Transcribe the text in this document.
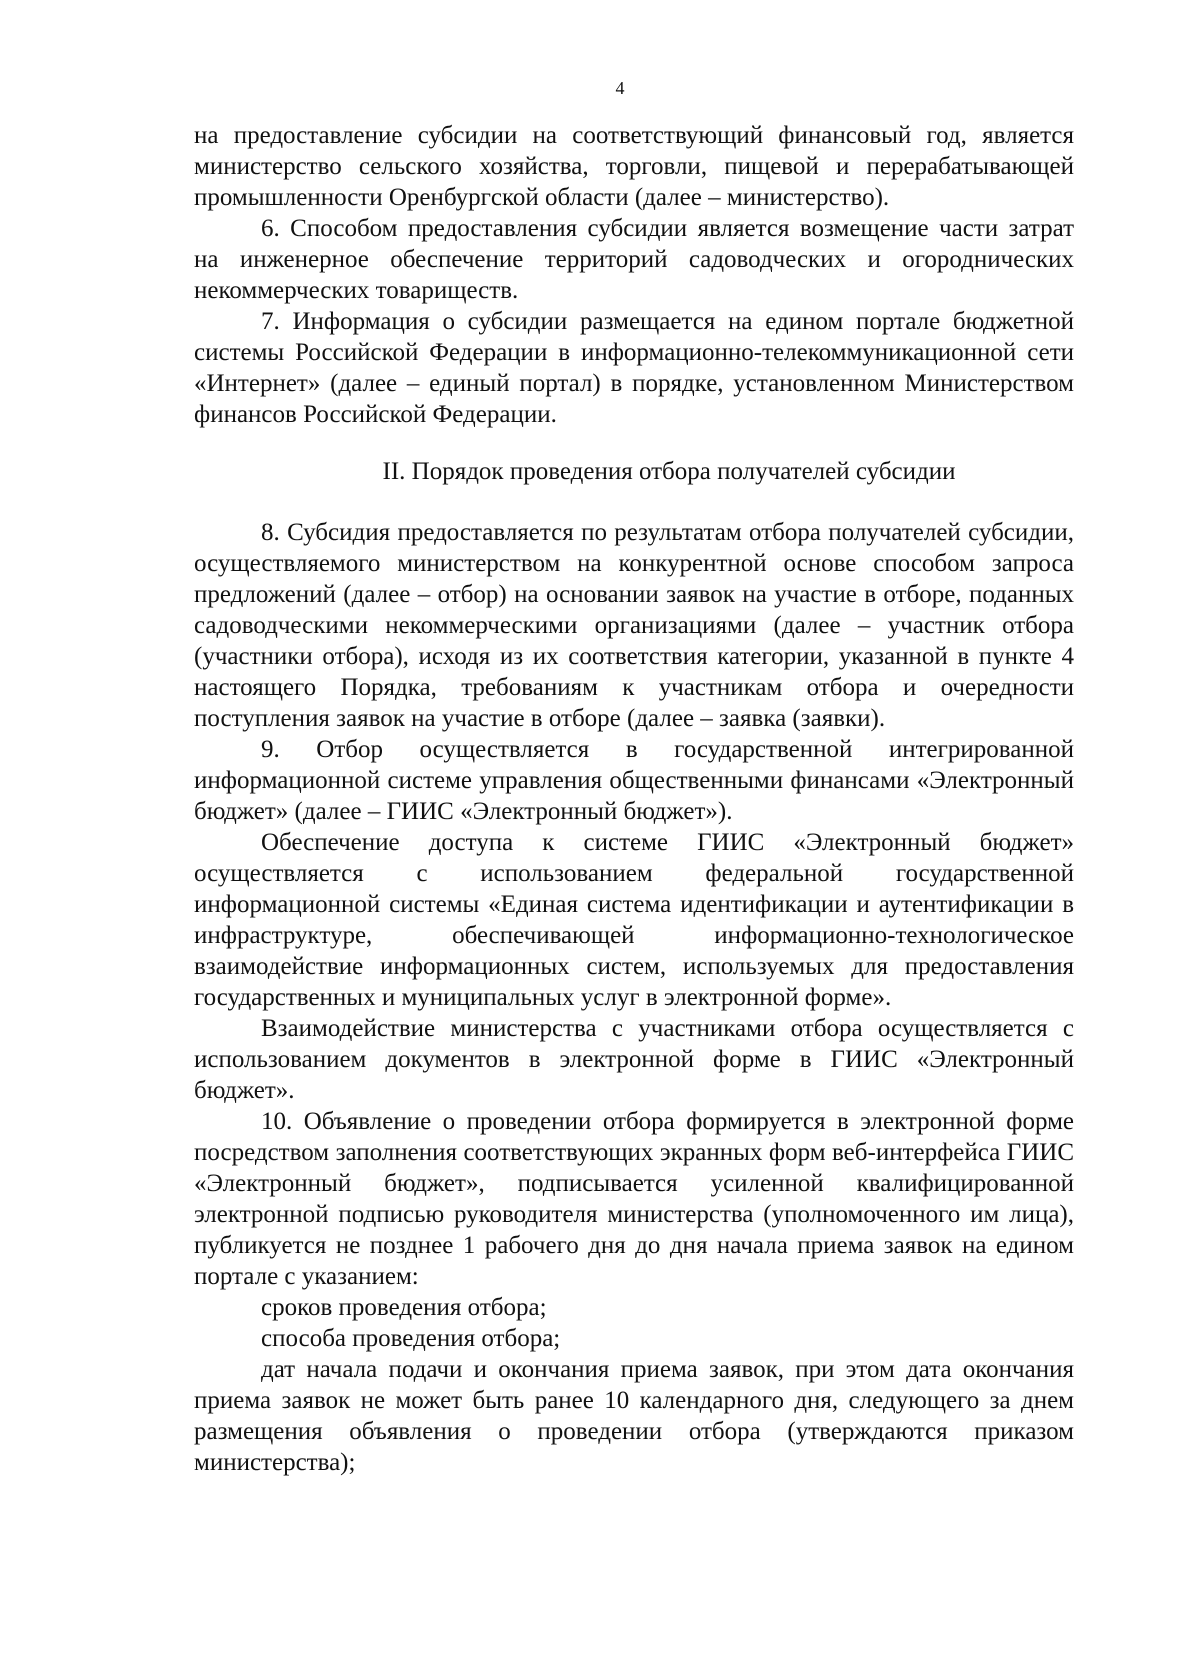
4

на предоставление субсидии на соответствующий финансовый год, является министерство сельского хозяйства, торговли, пищевой и перерабатывающей промышленности Оренбургской области (далее – министерство).

6. Способом предоставления субсидии является возмещение части затрат на инженерное обеспечение территорий садоводческих и огороднических некоммерческих товариществ.

7. Информация о субсидии размещается на едином портале бюджетной системы Российской Федерации в информационно-телекоммуникационной сети «Интернет» (далее – единый портал) в порядке, установленном Министерством финансов Российской Федерации.

II. Порядок проведения отбора получателей субсидии

8. Субсидия предоставляется по результатам отбора получателей субсидии, осуществляемого министерством на конкурентной основе способом запроса предложений (далее – отбор) на основании заявок на участие в отборе, поданных садоводческими некоммерческими организациями (далее – участник отбора (участники отбора), исходя из их соответствия категории, указанной в пункте 4 настоящего Порядка, требованиям к участникам отбора и очередности поступления заявок на участие в отборе (далее – заявка (заявки).

9. Отбор осуществляется в государственной интегрированной информационной системе управления общественными финансами «Электронный бюджет» (далее – ГИИС «Электронный бюджет»).

Обеспечение доступа к системе ГИИС «Электронный бюджет» осуществляется с использованием федеральной государственной информационной системы «Единая система идентификации и аутентификации в инфраструктуре, обеспечивающей информационно-технологическое взаимодействие информационных систем, используемых для предоставления государственных и муниципальных услуг в электронной форме».

Взаимодействие министерства с участниками отбора осуществляется с использованием документов в электронной форме в ГИИС «Электронный бюджет».

10. Объявление о проведении отбора формируется в электронной форме посредством заполнения соответствующих экранных форм веб-интерфейса ГИИС «Электронный бюджет», подписывается усиленной квалифицированной электронной подписью руководителя министерства (уполномоченного им лица), публикуется не позднее 1 рабочего дня до дня начала приема заявок на едином портале с указанием:

сроков проведения отбора;

способа проведения отбора;

дат начала подачи и окончания приема заявок, при этом дата окончания приема заявок не может быть ранее 10 календарного дня, следующего за днем размещения объявления о проведении отбора (утверждаются приказом министерства);
